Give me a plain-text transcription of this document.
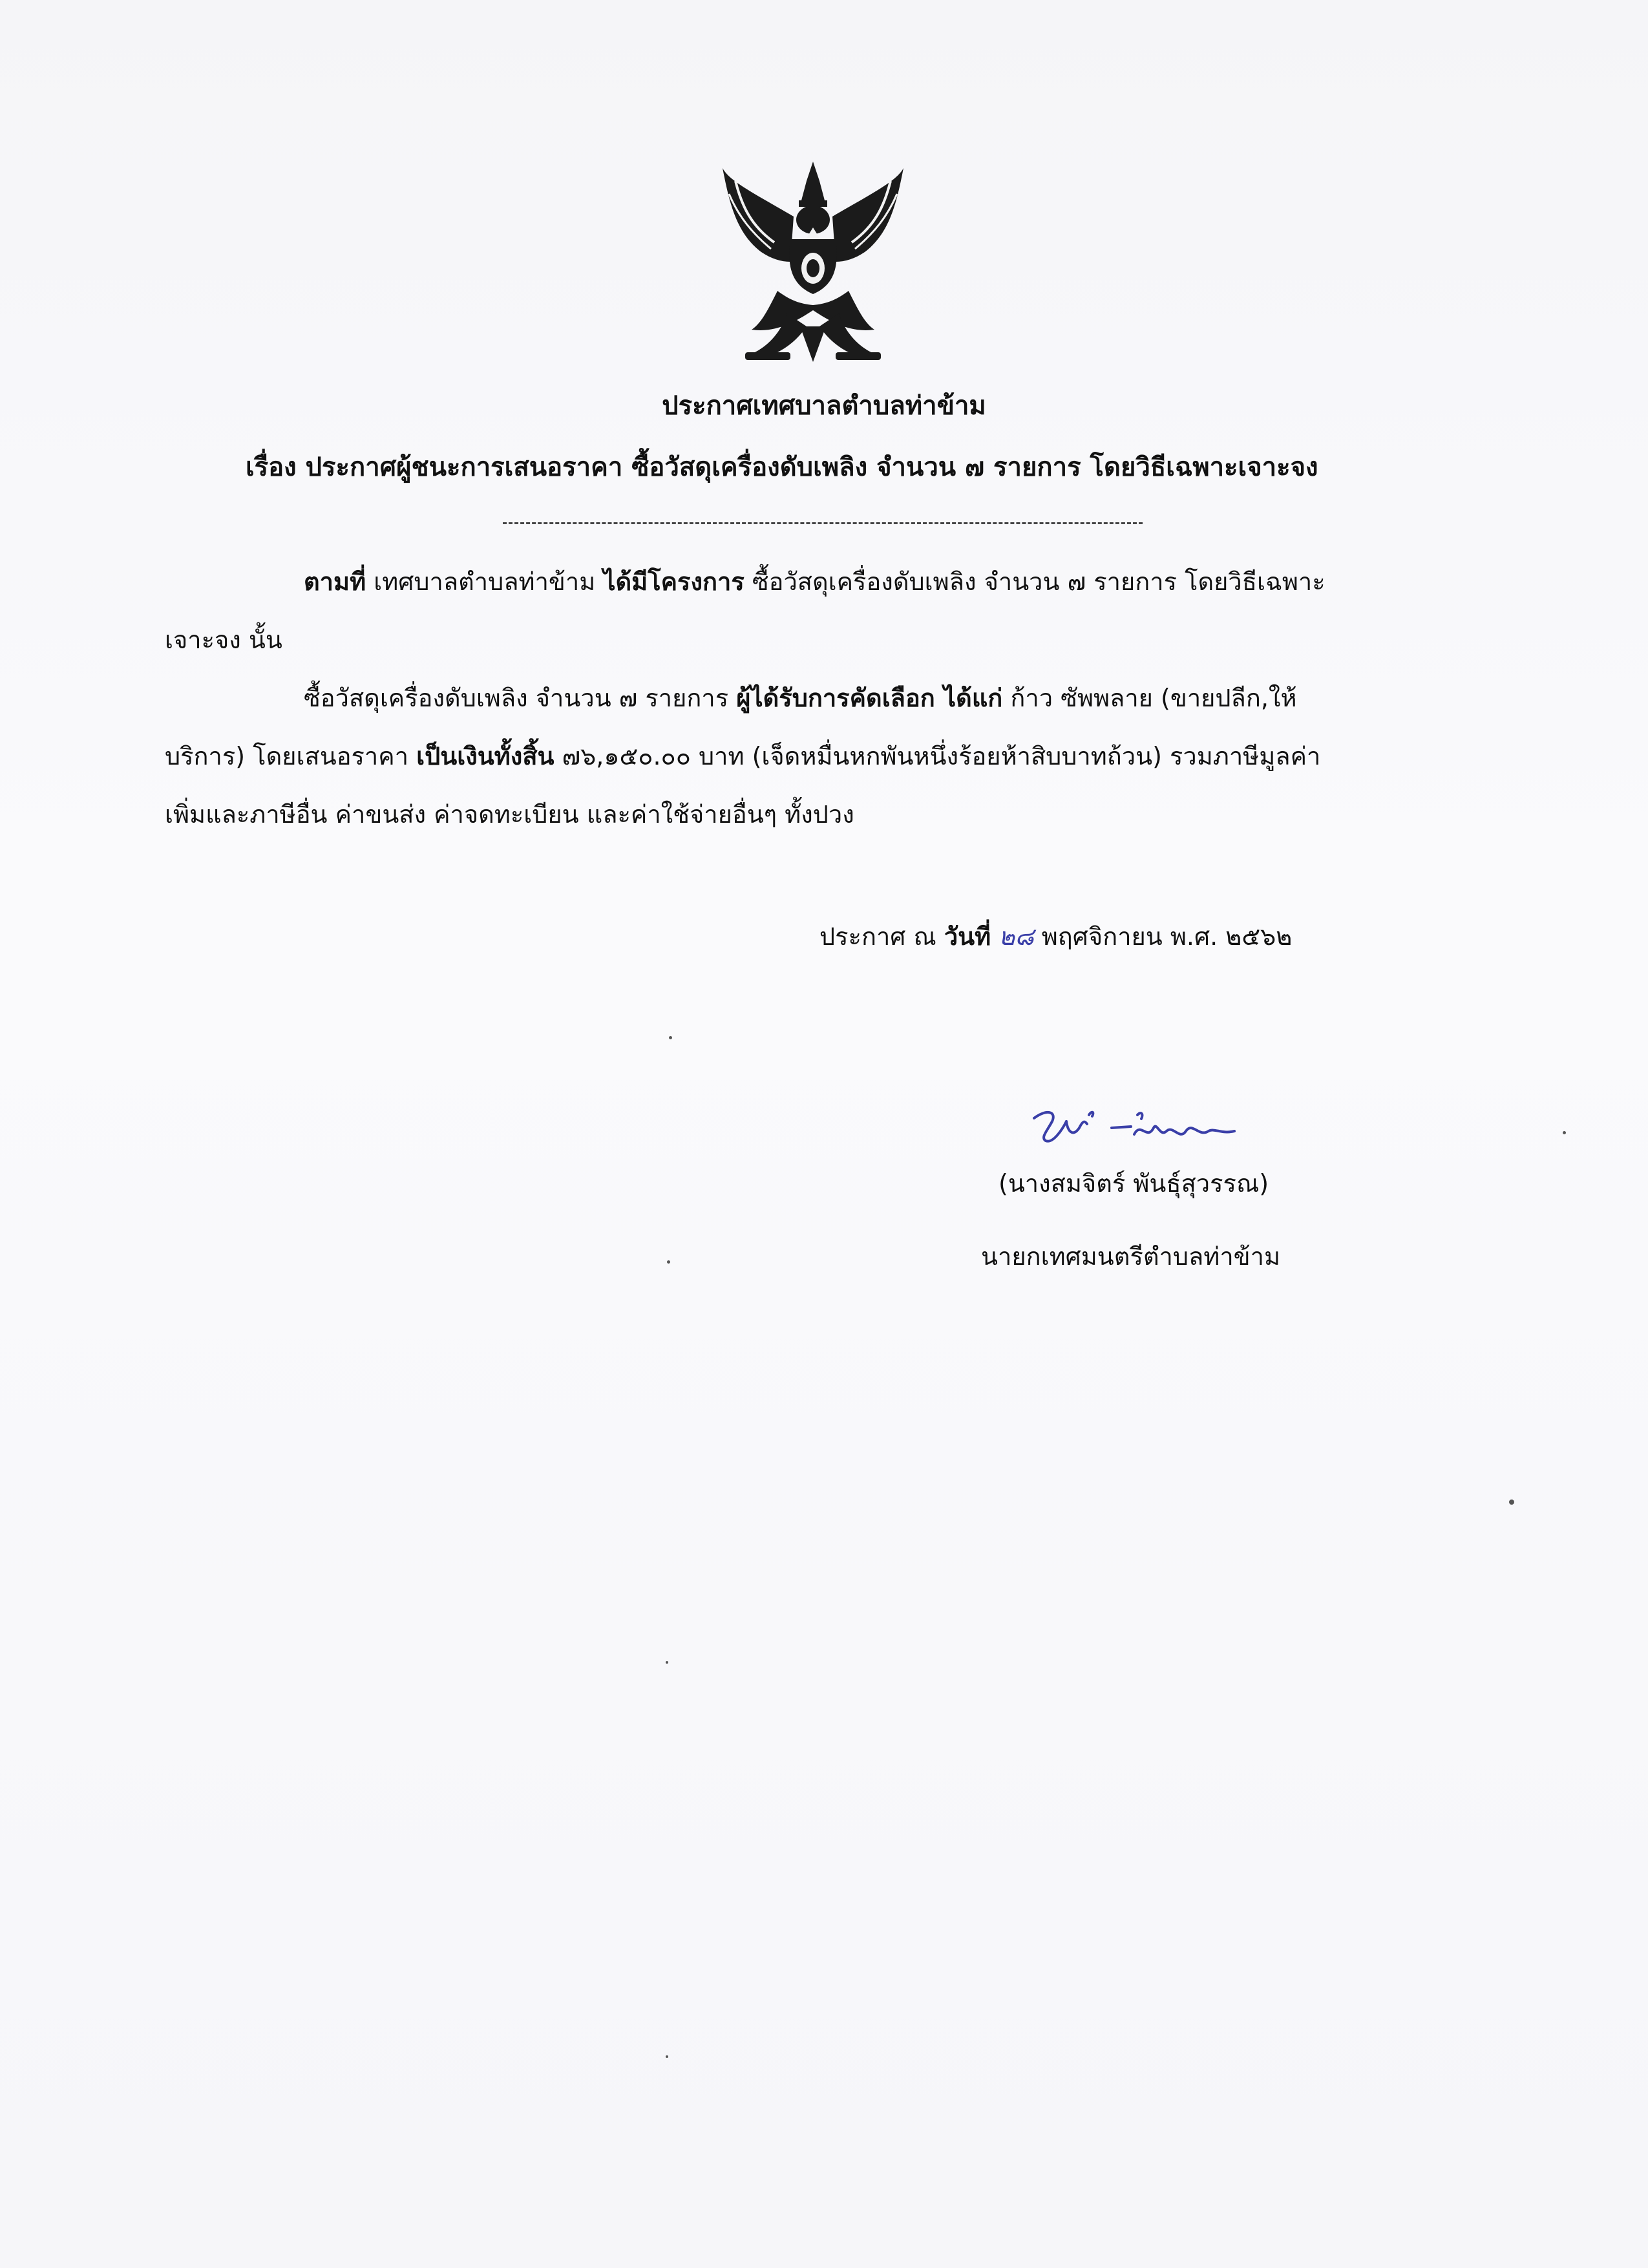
ประกาศเทศบาลตำบลท่าข้าม
เรื่อง ประกาศผู้ชนะการเสนอราคา ซื้อวัสดุเครื่องดับเพลิง จำนวน ๗ รายการ โดยวิธีเฉพาะเจาะจง
ตามที่ เทศบาลตำบลท่าข้าม ได้มีโครงการ ซื้อวัสดุเครื่องดับเพลิง จำนวน ๗ รายการ โดยวิธีเฉพาะ
เจาะจง นั้น
ซื้อวัสดุเครื่องดับเพลิง จำนวน ๗ รายการ ผู้ได้รับการคัดเลือก ได้แก่ ก้าว ซัพพลาย (ขายปลีก,ให้
บริการ) โดยเสนอราคา เป็นเงินทั้งสิ้น ๗๖,๑๕๐.๐๐ บาท (เจ็ดหมื่นหกพันหนึ่งร้อยห้าสิบบาทถ้วน) รวมภาษีมูลค่า
เพิ่มและภาษีอื่น ค่าขนส่ง ค่าจดทะเบียน และค่าใช้จ่ายอื่นๆ ทั้งปวง
ประกาศ ณ วันที่ ๒๘ พฤศจิกายน พ.ศ. ๒๕๖๒
(นางสมจิตร์ พันธุ์สุวรรณ)
นายกเทศมนตรีตำบลท่าข้าม
